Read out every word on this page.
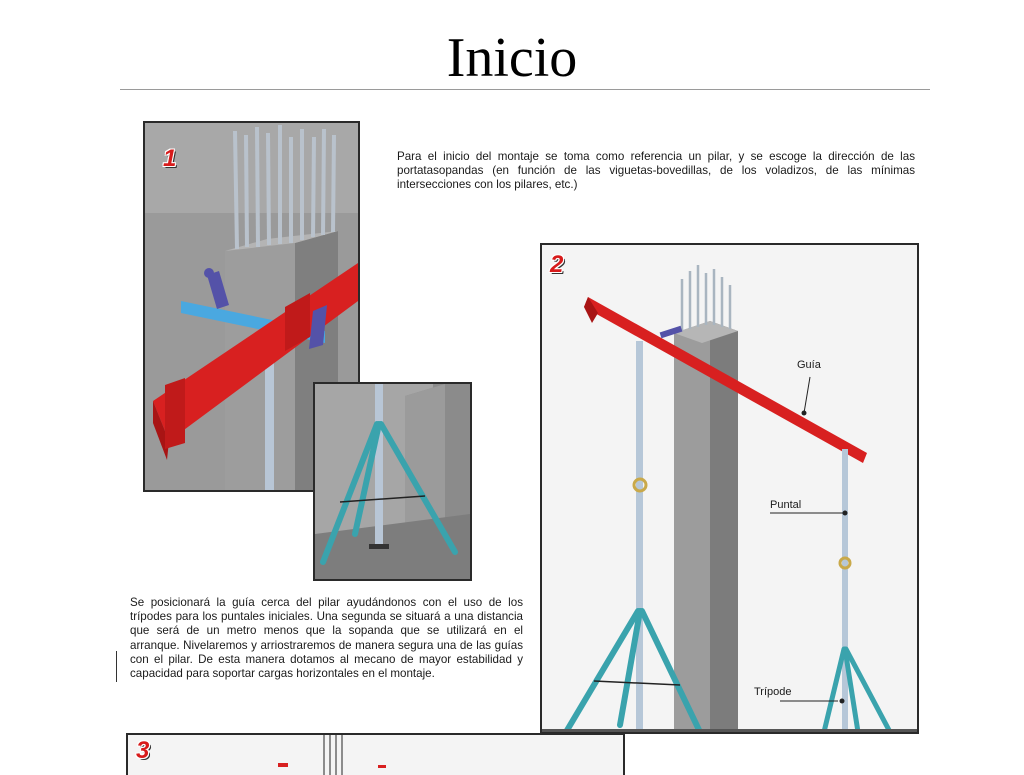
Inicio
1	Para el inicio del montaje se toma como referencia un pilar, y se escoge la dirección de las portatasopandas (en función de las viguetas-bovedillas, de los voladizos, de las mínimas intersecciones con los pilares, etc.)
2
Guía
Puntal
Trípode
Se posicionará la guía cerca del pilar ayudándonos con el uso de los trípodes para los puntales iniciales. Una segunda se situará a una distancia que será de un metro menos que la sopanda que se utilizará en el arranque. Nivelaremos y arriostraremos de manera segura una de las guías con el pilar. De esta manera dotamos al mecano de mayor estabilidad y capacidad para soportar cargas horizontales en el montaje.
3
